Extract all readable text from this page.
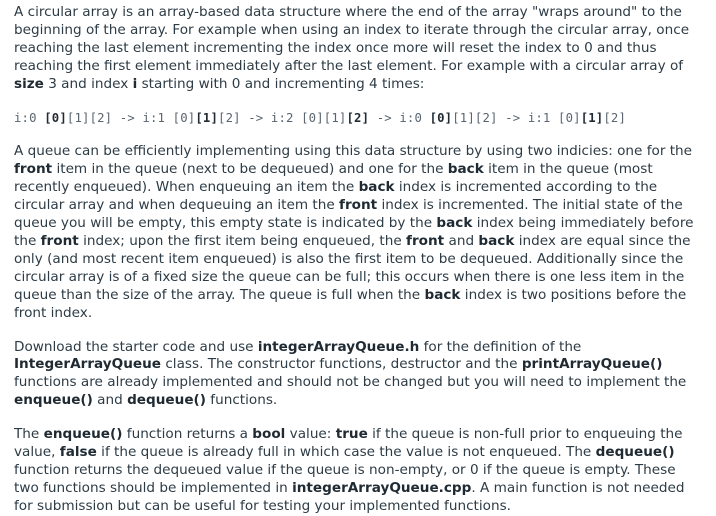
A circular array is an array-based data structure where the end of the array "wraps around" to the beginning of the array. For example when using an index to iterate through the circular array, once reaching the last element incrementing the index once more will reset the index to 0 and thus reaching the first element immediately after the last element. For example with a circular array of size 3 and index i starting with 0 and incrementing 4 times:

i:0 [0][1][2] -> i:1 [0][1][2] -> i:2 [0][1][2] -> i:0 [0][1][2] -> i:1 [0][1][2]

A queue can be efficiently implementing using this data structure by using two indicies: one for the front item in the queue (next to be dequeued) and one for the back item in the queue (most recently enqueued). When enqueuing an item the back index is incremented according to the circular array and when dequeuing an item the front index is incremented. The initial state of the queue you will be empty, this empty state is indicated by the back index being immediately before the front index; upon the first item being enqueued, the front and back index are equal since the only (and most recent item enqueued) is also the first item to be dequeued. Additionally since the circular array is of a fixed size the queue can be full; this occurs when there is one less item in the queue than the size of the array. The queue is full when the back index is two positions before the front index.

Download the starter code and use integerArrayQueue.h for the definition of the IntegerArrayQueue class. The constructor functions, destructor and the printArrayQueue() functions are already implemented and should not be changed but you will need to implement the enqueue() and dequeue() functions.

The enqueue() function returns a bool value: true if the queue is non-full prior to enqueuing the value, false if the queue is already full in which case the value is not enqueued. The dequeue() function returns the dequeued value if the queue is non-empty, or 0 if the queue is empty. These two functions should be implemented in integerArrayQueue.cpp. A main function is not needed for submission but can be useful for testing your implemented functions.
